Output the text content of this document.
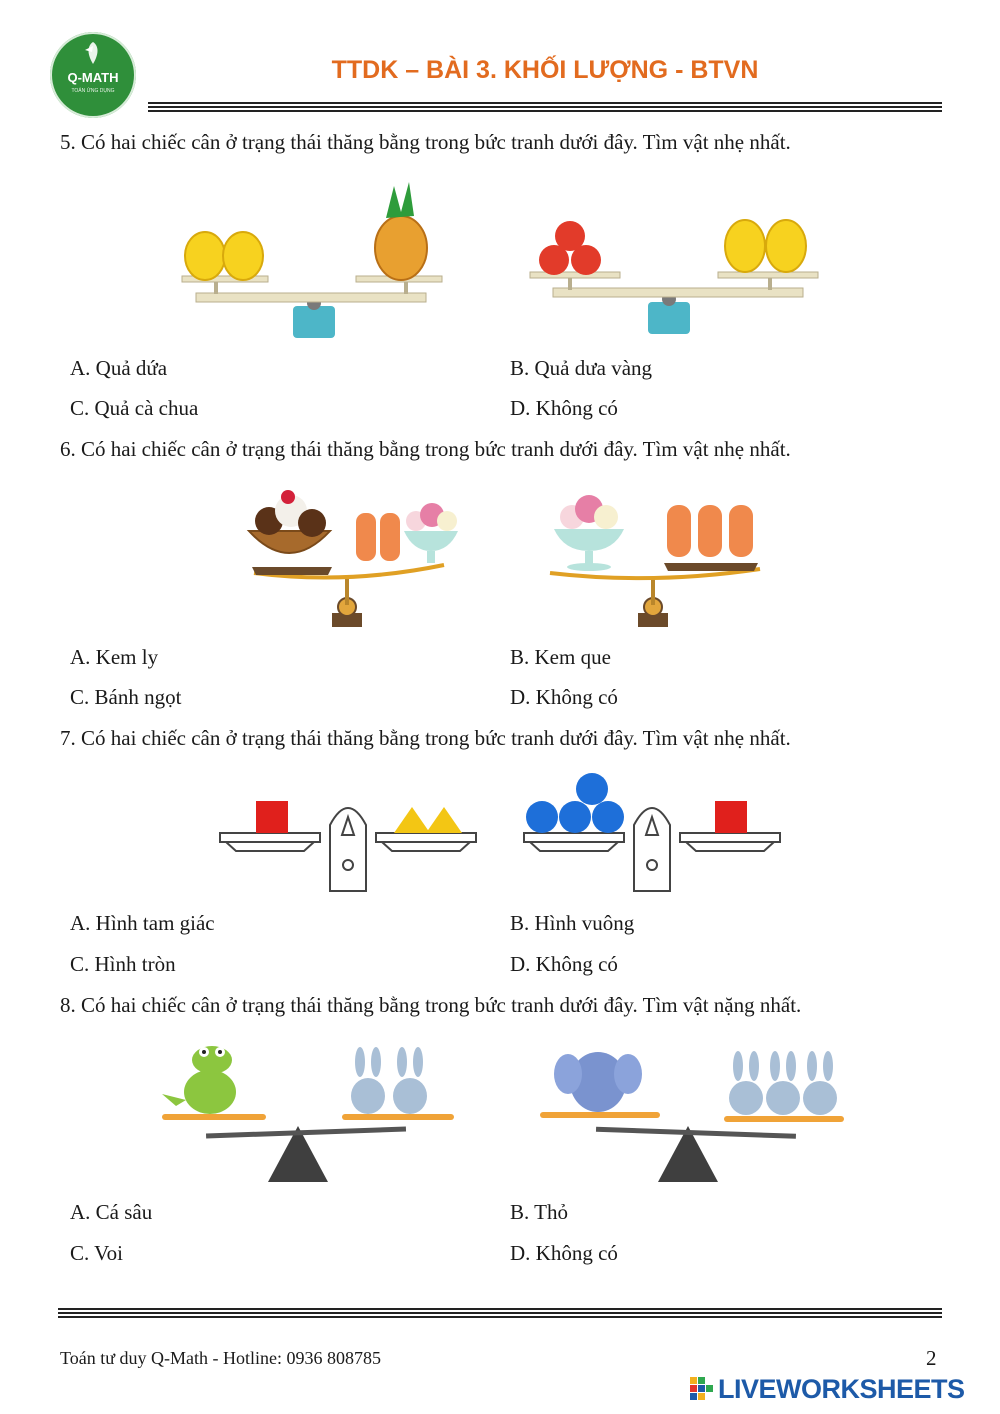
Q-MATH
TOÁN ỨNG DỤNG
TTDK – BÀI 3. KHỐI LƯỢNG - BTVN
5. Có hai chiếc cân ở trạng thái thăng bằng trong bức tranh dưới đây. Tìm vật nhẹ nhất.
A. Quả dứa	B. Quả dưa vàng
C. Quả cà chua	D. Không có
6. Có hai chiếc cân ở trạng thái thăng bằng trong bức tranh dưới đây. Tìm vật nhẹ nhất.
A. Kem ly	B. Kem que
C. Bánh ngọt	D. Không có
7. Có hai chiếc cân ở trạng thái thăng bằng trong bức tranh dưới đây. Tìm vật nhẹ nhất.
A. Hình tam giác	B. Hình vuông
C. Hình tròn	D. Không có
8. Có hai chiếc cân ở trạng thái thăng bằng trong bức tranh dưới đây. Tìm vật nặng nhất.
A. Cá sâu	B. Thỏ
C. Voi	D. Không có
Toán tư duy Q-Math - Hotline: 0936 808785	2
LIVEWORKSHEETS
